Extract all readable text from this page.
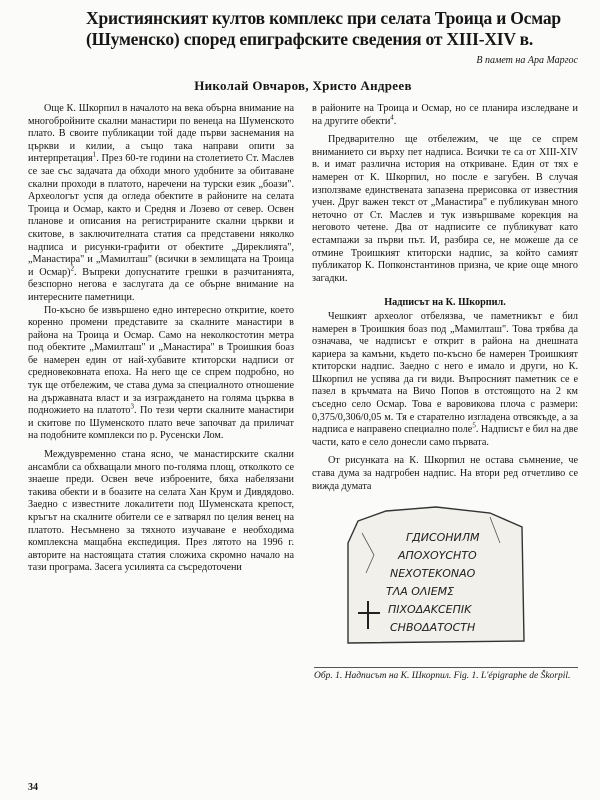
Християнският култов комплекс при селата Троица и Осмар (Шуменско) според епиграфските сведения от XIII-XIV в.
В памет на Ара Маргос
Николай Овчаров, Христо Андреев

Още К. Шкорпил в началото на века обърна внимание на многобройните скални манастири по венеца на Шуменското плато. В своите публикации той даде първи заснемания на църкви и килии, а също така направи опити за интерпретация$^1$. През 60-те години на столетието Ст. Маслев се зае със задачата да обходи много удобните за обитаване скални проходи в платото, наречени на турски език „боази". Археологът успя да огледа обектите в районите на селата Троица и Осмар, както и Средня и Лозево от север. Освен планове и описания на регистрираните скални църкви и скитове, в заключителната статия са представени няколко надписа и рисунки-графити от обектите „Диреклията", „Манастира" и „Мамилташ" (всички в землищата на Троица и Осмар)$^2$. Въпреки допуснатите грешки в разчитанията, безспорно негова е заслугата да се обърне внимание на интересните паметници.

По-късно бе извършено едно интересно откритие, което коренно промени представите за скалните манастири в района на Троица и Осмар. Само на неколкостотин метра под обектите „Мамилташ" и „Манастира" в Троишкия боаз бе намерен един от най-хубавите ктиторски надписи от средновековната епоха. На него ще се спрем подробно, но тук ще отбележим, че става дума за специалното отношение на държавната власт и за изграждането на голяма църква в подножието на платото$^3$. По тези черти скалните манастири и скитове по Шуменското плато вече започват да приличат на подобните комплекси по р. Русенски Лом.

Междувременно стана ясно, че манастирските скални ансамбли са обхващали много по-голяма площ, отколкото се знаеше преди. Освен вече изброените, бяха набелязани такива обекти и в боазите на селата Хан Крум и Дивдядово. Заедно с известните локалитети под Шуменската крепост, кръгът на скалните обители се е затварял по целия венец на платото. Несъмнено за тяхното изучаване е необходима комплексна мащабна експедиция. През лятото на 1996 г. авторите на настоящата статия сложиха скромно начало на тази програма. Засега усилията са съсредоточени

в районите на Троица и Осмар, но се планира изследване и на другите обекти$^4$.

Предварително ще отбележим, че ще се спрем вниманието си върху пет надписа. Всички те са от XIII-XIV в. и имат различна история на откриване. Един от тях е намерен от К. Шкорпил, но после е загубен. В случая използваме единствената запазена прерисовка от известния учен. Друг важен текст от „Манастира" е публикуван много неточно от Ст. Маслев и тук извършваме корекция на неговото четене. Два от надписите се публикуват като естампажи за първи път. И, разбира се, не можеше да се отмине Троишкият ктиторски надпис, за който самият публикатор К. Попконстантинов призна, че крие още много загадки.

Надписът на К. Шкорпил.

Чешкият археолог отбелязва, че паметникът е бил намерен в Троишкия боаз под „Мамилташ". Това трябва да означава, че надписът е открит в района на днешната кариера за камъни, където по-късно бе намерен Троишкият ктиторски надпис. Заедно с него е имало и други, но К. Шкорпил не успява да ги види. Въпросният паметник се е пазел в кръчмата на Вичо Попов в отстоящото на 2 км съседно село Осмар. Това е варовикова плоча с размери: 0,375/0,306/0,05 м. Тя е старателно изгладена отвсякъде, а за надписа е направено специално поле$^5$. Надписът е бил на две части, като е село донесли само първата.

От рисунката на К. Шкорпил не остава съмнение, че става дума за надгробен надпис. На втори ред отчетливо се вижда думата

ГДИСОНИЛМ
ΑΠΟΧΟΥСΗΤΟ
ΝΕΧΟΤΕΚΟΝΑΟ
ΤΛΑ ΟΛΙΕΜΣ
ΠΙΧΟΔΑΚСЕΠΙΚ
СΗΒΟΔΑΤΟСΤΗ
Обр. 1. Надписът на К. Шкорпил. Fig. 1. L'épigraphe de Škorpil.
34
